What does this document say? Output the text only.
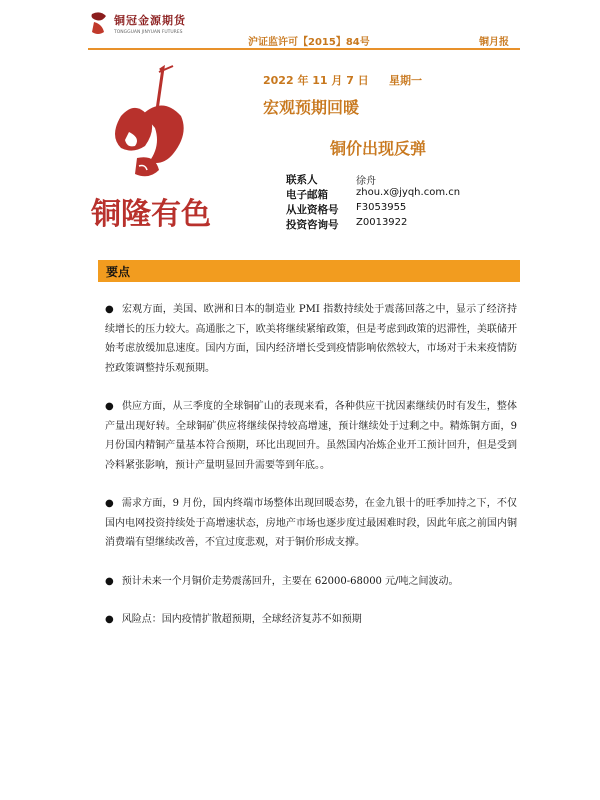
铜冠金源期货
TONGGUAN JINYUAN FUTURES
沪证监许可【2015】84号	铜月报
铜隆有色
2022 年 11 月 7 日 星期一
宏观预期回暖
铜价出现反弹
联系人	徐舟
电子邮箱	zhou.x@jyqh.com.cn
从业资格号	F3053955
投资咨询号	Z0013922
要点
● 宏观方面，美国、欧洲和日本的制造业 PMI 指数持续处于震荡回落之中，显示了经济持续增长的压力较大。高通胀之下，欧美将继续紧缩政策，但是考虑到政策的迟滞性，美联储开始考虑放缓加息速度。国内方面，国内经济增长受到疫情影响依然较大，市场对于未来疫情防控政策调整持乐观预期。
● 供应方面，从三季度的全球铜矿山的表现来看，各种供应干扰因素继续仍时有发生，整体产量出现好转。全球铜矿供应将继续保持较高增速，预计继续处于过剩之中。精炼铜方面，9 月份国内精铜产量基本符合预期，环比出现回升。虽然国内冶炼企业开工预计回升，但是受到冷料紧张影响，预计产量明显回升需要等到年底。。
● 需求方面，9 月份，国内终端市场整体出现回暖态势，在金九银十的旺季加持之下，不仅国内电网投资持续处于高增速状态，房地产市场也逐步度过最困难时段，因此年底之前国内铜消费端有望继续改善，不宜过度悲观，对于铜价形成支撑。
● 预计未来一个月铜价走势震荡回升，主要在 62000-68000 元/吨之间波动。
● 风险点：国内疫情扩散超预期，全球经济复苏不如预期
